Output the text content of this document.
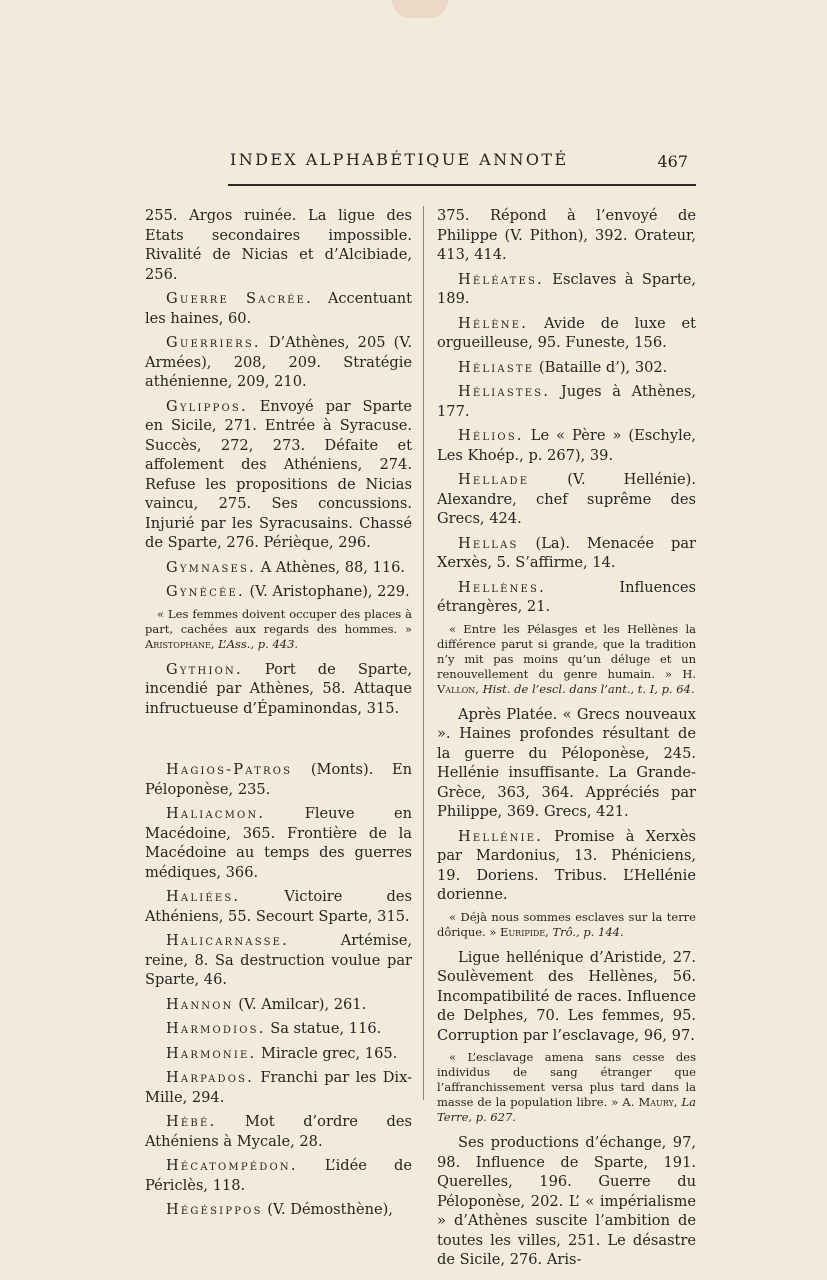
INDEX ALPHABÉTIQUE ANNOTÉ	467

255. Argos ruinée. La ligue des Etats secondaires impossible. Rivalité de Nicias et d’Alcibiade, 256.

Guerre Sacrée. Accentuant les haines, 60.

Guerriers. D’Athènes, 205 (V. Armées), 208, 209. Stratégie athénienne, 209, 210.

Gylippos. Envoyé par Sparte en Sicile, 271. Entrée à Syracuse. Succès, 272, 273. Défaite et affolement des Athéniens, 274. Refuse les propositions de Nicias vaincu, 275. Ses concussions. Injurié par les Syracusains. Chassé de Sparte, 276. Périèque, 296.

Gymnases. A Athènes, 88, 116.

Gynécée. (V. Aristophane), 229.

« Les femmes doivent occuper des places à part, cachées aux regards des hommes. » Aristophane, L’Ass., p. 443.

Gythion. Port de Sparte, incendié par Athènes, 58. Attaque infructueuse d’Épaminondas, 315.

Hagios-Patros (Monts). En Péloponèse, 235.

Haliacmon.	Fleuve en Macédoine, 365. Frontière de la Macédoine au temps des guerres médiques, 366.

Haliées.	Victoire des Athéniens, 55. Secourt Sparte, 315.

Halicarnasse.	Artémise, reine, 8. Sa destruction voulue par Sparte, 46.

Hannon (V. Amilcar), 261.

Harmodios. Sa statue, 116.

Harmonie. Miracle grec, 165.

Harpados. Franchi par les Dix-Mille, 294.

Hébé. Mot d’ordre des Athéniens à Mycale, 28.

Hécatompédon. L’idée de Périclès, 118.

Hégésippos (V. Démosthène),

375. Répond à l’envoyé de Philippe (V. Pithon), 392. Orateur, 413, 414.

Héléates. Esclaves à Sparte, 189.

Hélène. Avide de luxe et orgueilleuse, 95. Funeste, 156.

Héliaste (Bataille d’), 302.

Héliastes. Juges à Athènes, 177.

Hélios. Le « Père » (Eschyle, Les Khoép., p. 267), 39.

Hellade	(V. Hellénie). Alexandre, chef suprême des Grecs, 424.

Hellas (La). Menacée par Xerxès, 5. S’affirme, 14.

Hellènes.	Influences étrangères, 21.

« Entre les Pélasges et les Hellènes la différence parut si grande, que la tradition n’y mit pas moins qu’un déluge et un renouvellement du genre humain. » H. Vallon, Hist. de l’escl. dans l’ant., t. I, p. 64.

Après Platée. « Grecs nouveaux ». Haines profondes résultant de la guerre du Péloponèse, 245. Hellénie insuffisante. La Grande-Grèce, 363, 364. Appréciés par Philippe, 369. Grecs, 421.

Hellénie. Promise à Xerxès par Mardonius, 13. Phéniciens, 19. Doriens. Tribus. L’Hellénie dorienne.

« Déjà nous sommes esclaves sur la terre dôrique. » Euripide, Trô., p. 144.

Ligue hellénique d’Aristide, 27. Soulèvement des Hellènes, 56. Incompatibilité de races. Influence de Delphes, 70. Les femmes, 95. Corruption par l’esclavage, 96, 97.

« L’esclavage amena sans cesse des individus de sang étranger que l’affranchissement versa plus tard dans la masse de la population libre. » A. Maury, La Terre, p. 627.

Ses productions d’échange, 97, 98. Influence de Sparte, 191. Querelles, 196. Guerre du Péloponèse, 202. L’ « impérialisme » d’Athènes suscite l’ambition de toutes les villes, 251. Le désastre de Sicile, 276. Aris-
